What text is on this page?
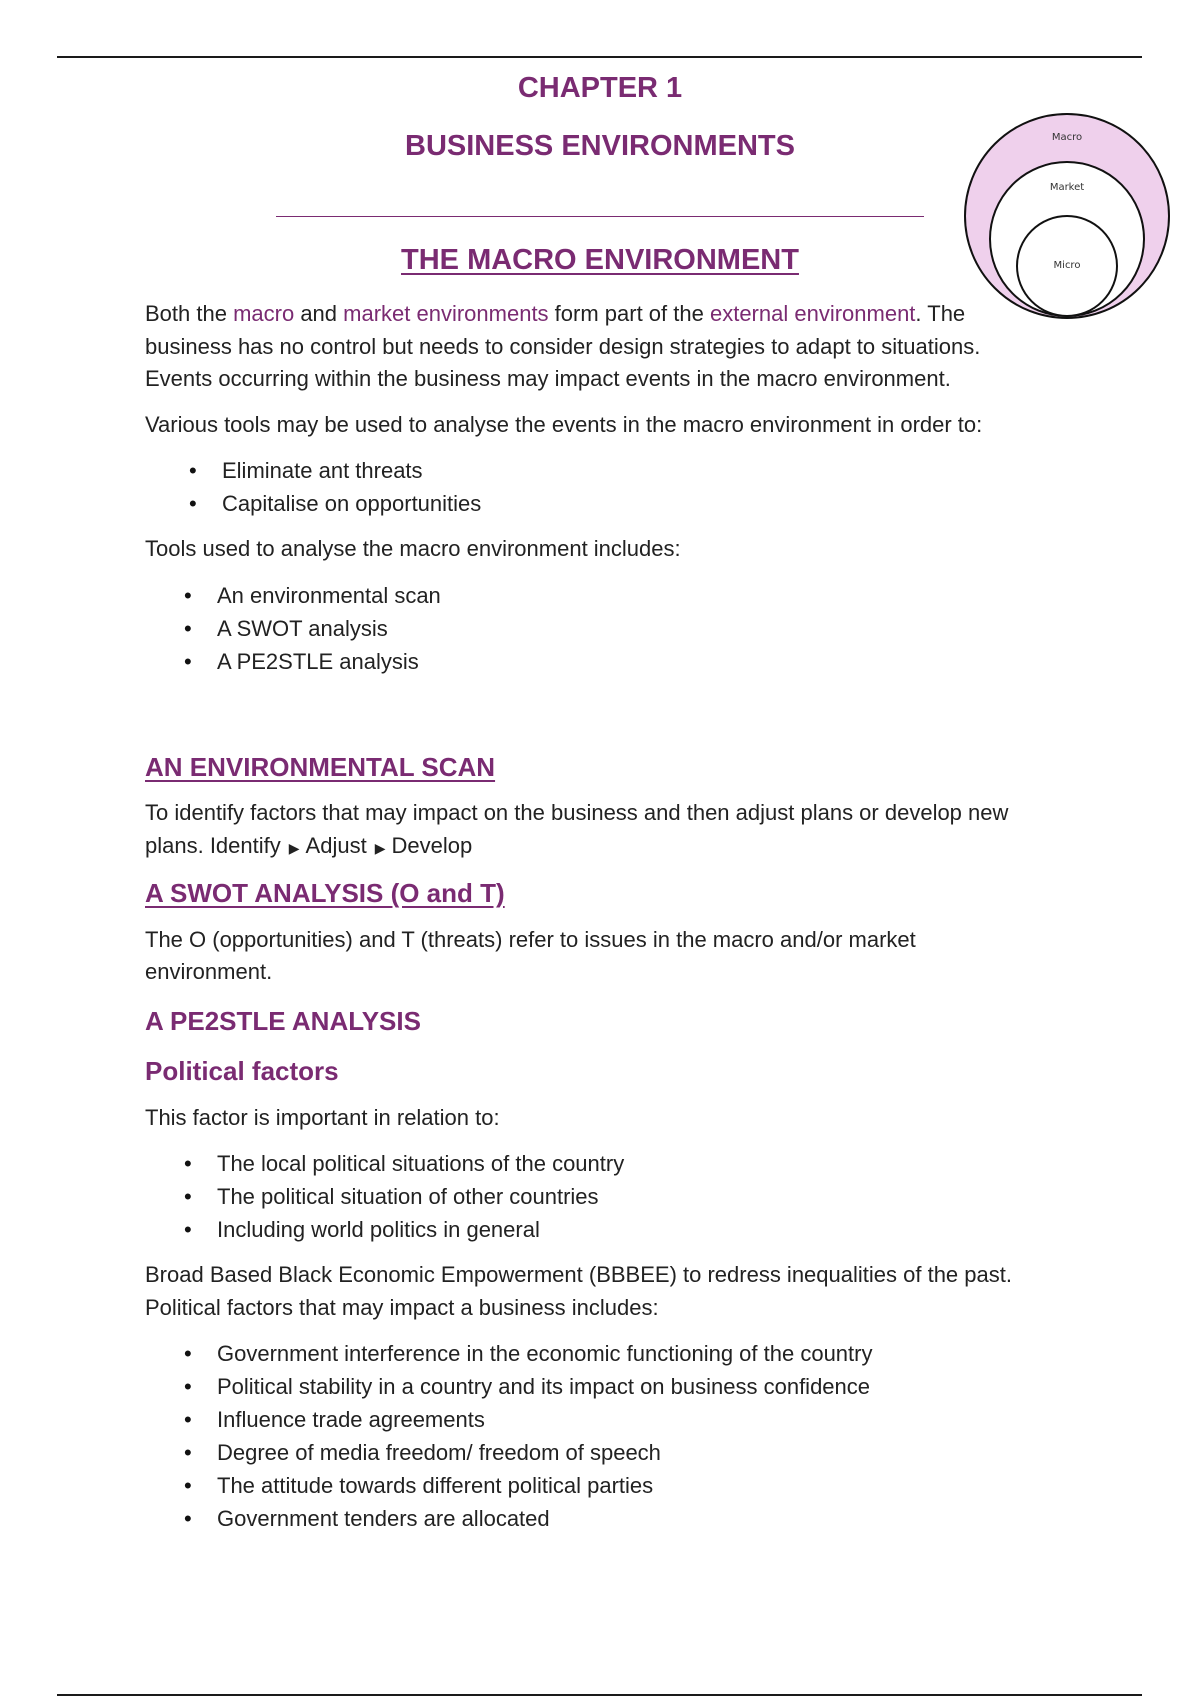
CHAPTER 1
BUSINESS ENVIRONMENTS
THE MACRO ENVIRONMENT
Macro
Market
Micro

Both the macro and market environments form part of the external environment. The business has no control but needs to consider design strategies to adapt to situations. Events occurring within the business may impact events in the macro environment.

Various tools may be used to analyse the events in the macro environment in order to:

• Eliminate ant threats
• Capitalise on opportunities

Tools used to analyse the macro environment includes:

• An environmental scan
• A SWOT analysis
• A PE2STLE analysis
AN ENVIRONMENTAL SCAN

To identify factors that may impact on the business and then adjust plans or develop new plans. Identify ▶ Adjust ▶ Develop

A SWOT ANALYSIS (O and T)

The O (opportunities) and T (threats) refer to issues in the macro and/or market environment.

A PE2STLE ANALYSIS
Political factors

This factor is important in relation to:

• The local political situations of the country
• The political situation of other countries
• Including world politics in general

Broad Based Black Economic Empowerment (BBBEE) to redress inequalities of the past. Political factors that may impact a business includes:

• Government interference in the economic functioning of the country
• Political stability in a country and its impact on business confidence
• Influence trade agreements
• Degree of media freedom/ freedom of speech
• The attitude towards different political parties
• Government tenders are allocated
